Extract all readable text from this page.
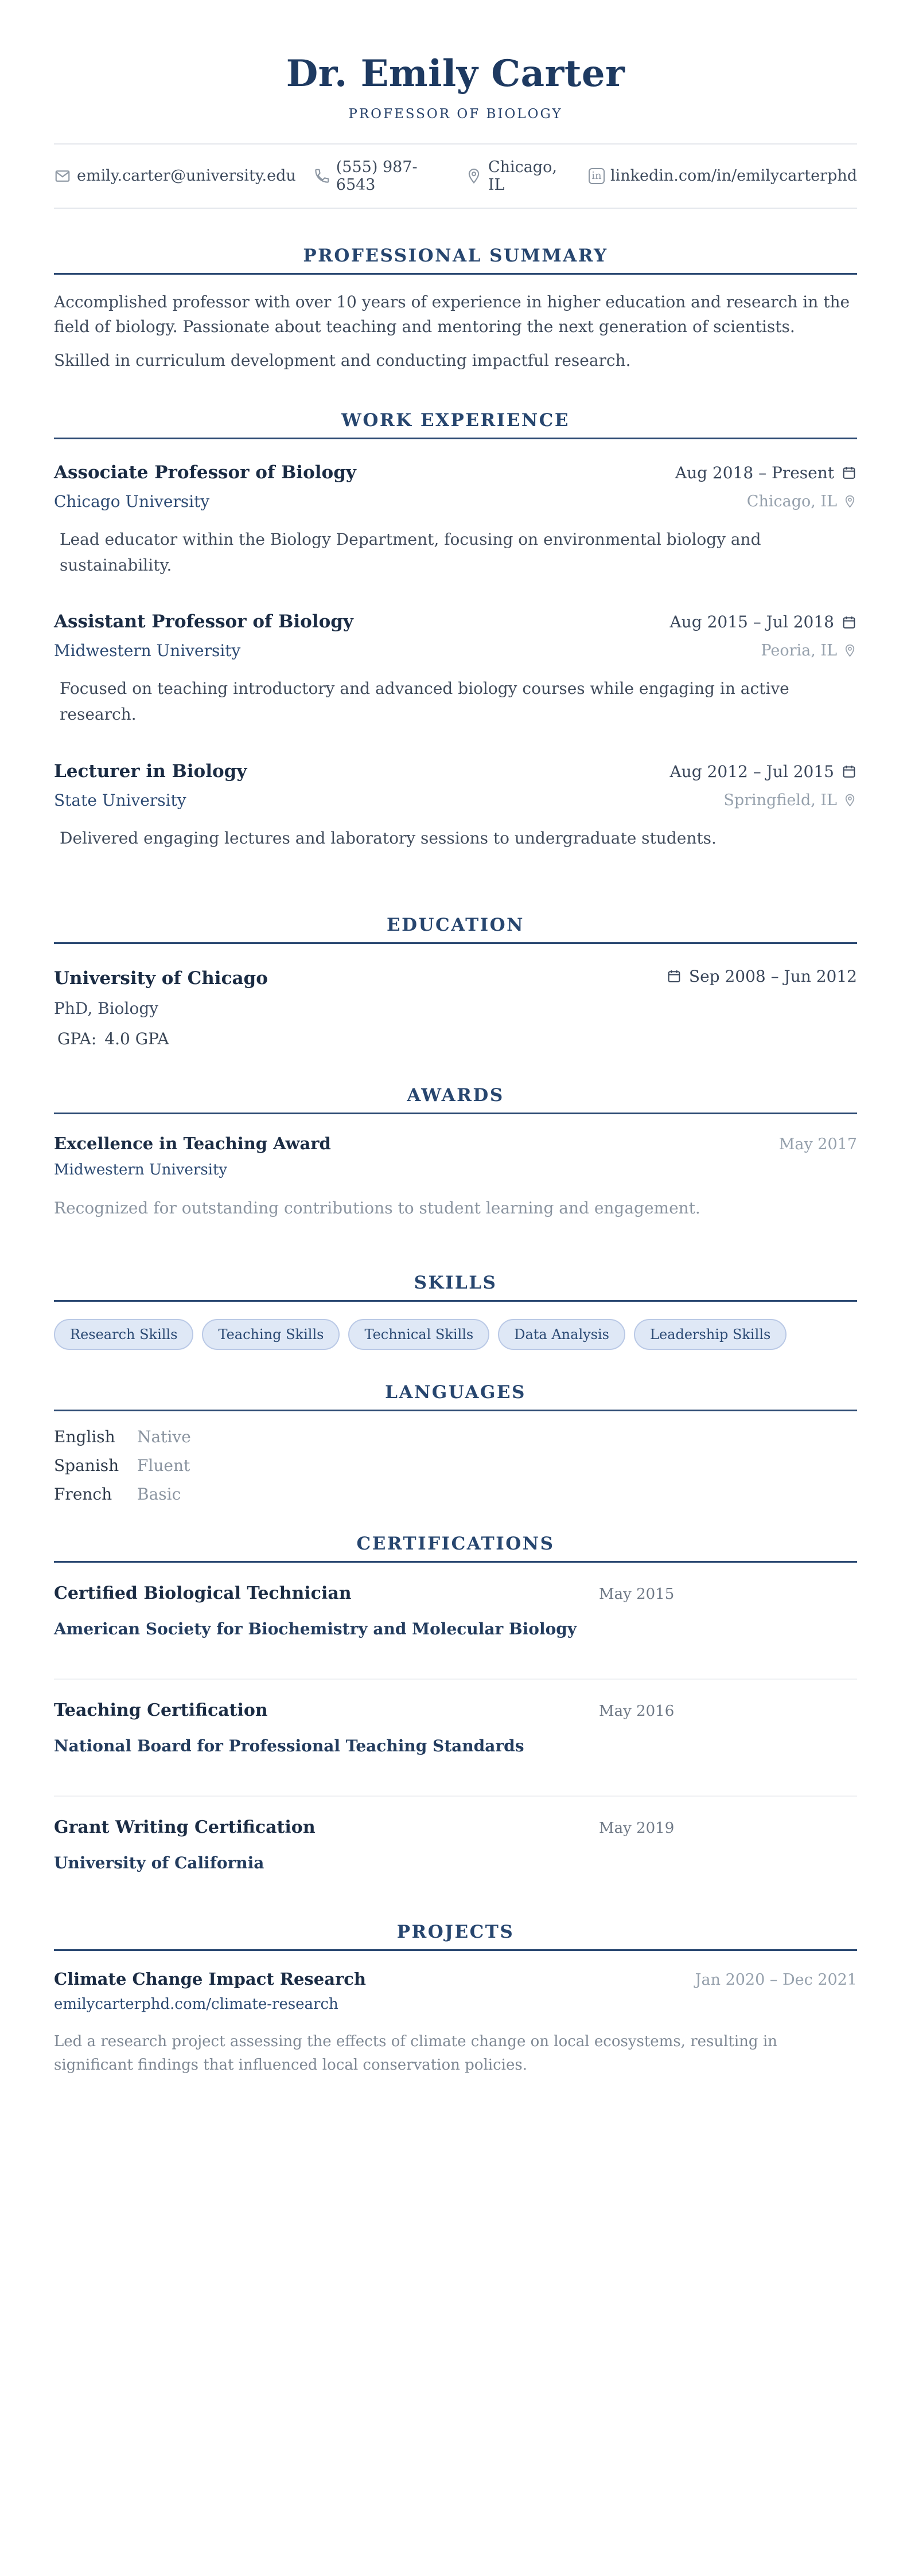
Dr. Emily Carter
PROFESSOR OF BIOLOGY
emily.carter@university.edu	(555) 987-6543
Chicago, IL
in linkedin.com/in/emilycarterphd
PROFESSIONAL SUMMARY

Accomplished professor with over 10 years of experience in higher education and research in the field of biology. Passionate about teaching and mentoring the next generation of scientists.

Skilled in curriculum development and conducting impactful research.

WORK EXPERIENCE
Associate Professor of Biology
Chicago University
Aug 2018 – Present
Chicago, IL

Lead educator within the Biology Department, focusing on environmental biology and sustainability.

Assistant Professor of Biology
Midwestern University
Aug 2015 – Jul 2018
Peoria, IL

Focused on teaching introductory and advanced biology courses while engaging in active research.

Lecturer in Biology
State University
Aug 2012 – Jul 2015
Springfield, IL

Delivered engaging lectures and laboratory sessions to undergraduate students.

EDUCATION
University of Chicago	Sep 2008 – Jun 2012
PhD, Biology
GPA: 4.0 GPA
AWARDS
Excellence in Teaching Award	May 2017
Midwestern University

Recognized for outstanding contributions to student learning and engagement.

SKILLS
Research Skills	Teaching Skills	Technical Skills	Data Analysis	Leadership Skills
LANGUAGES
English	Native
Spanish	Fluent
French	Basic
CERTIFICATIONS
Certified Biological Technician	May 2015
American Society for Biochemistry and Molecular Biology
Teaching Certification	May 2016
National Board for Professional Teaching Standards
Grant Writing Certification	May 2019
University of California
PROJECTS
Climate Change Impact Research	Jan 2020 – Dec 2021
emilycarterphd.com/climate-research

Led a research project assessing the effects of climate change on local ecosystems, resulting in significant findings that influenced local conservation policies.
